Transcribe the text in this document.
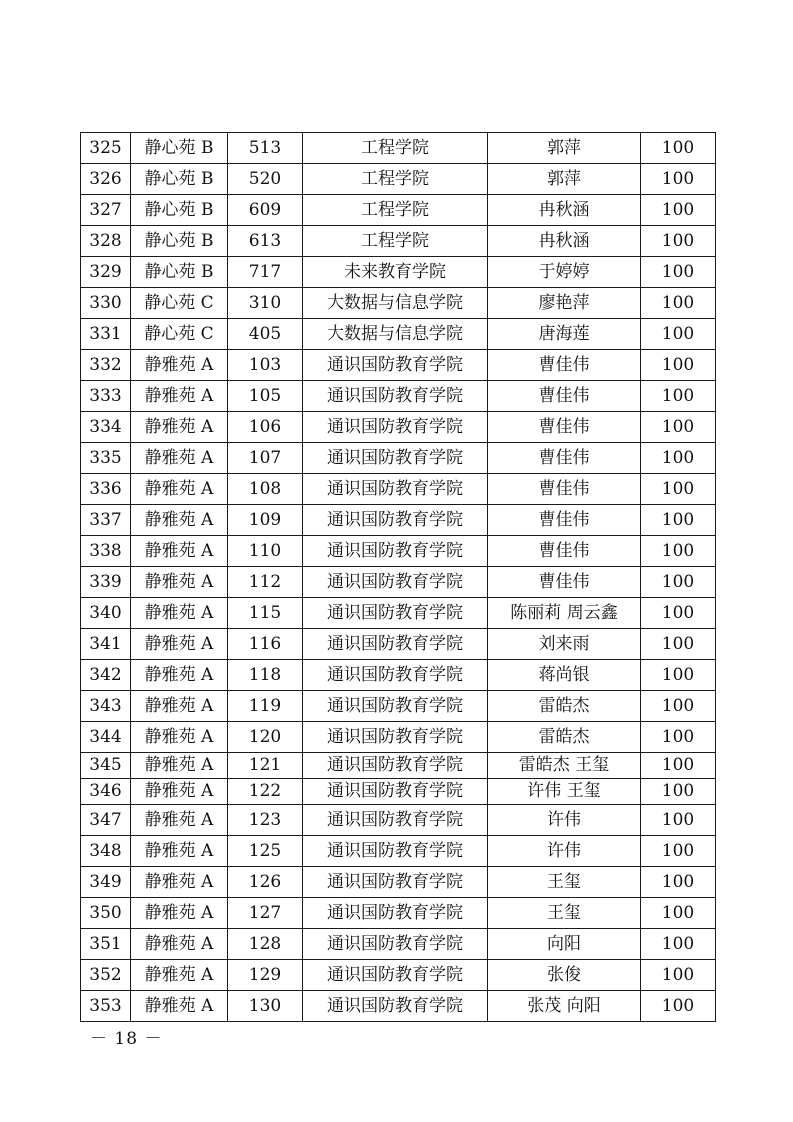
325	静心苑 B	513	工程学院	郭萍	100
326	静心苑 B	520	工程学院	郭萍	100
327	静心苑 B	609	工程学院	冉秋涵	100
328	静心苑 B	613	工程学院	冉秋涵	100
329	静心苑 B	717	未来教育学院	于婷婷	100
330	静心苑 C	310	大数据与信息学院	廖艳萍	100
331	静心苑 C	405	大数据与信息学院	唐海莲	100
332	静雅苑 A	103	通识国防教育学院	曹佳伟	100
333	静雅苑 A	105	通识国防教育学院	曹佳伟	100
334	静雅苑 A	106	通识国防教育学院	曹佳伟	100
335	静雅苑 A	107	通识国防教育学院	曹佳伟	100
336	静雅苑 A	108	通识国防教育学院	曹佳伟	100
337	静雅苑 A	109	通识国防教育学院	曹佳伟	100
338	静雅苑 A	110	通识国防教育学院	曹佳伟	100
339	静雅苑 A	112	通识国防教育学院	曹佳伟	100
340	静雅苑 A	115	通识国防教育学院	陈丽莉 周云鑫	100
341	静雅苑 A	116	通识国防教育学院	刘来雨	100
342	静雅苑 A	118	通识国防教育学院	蒋尚银	100
343	静雅苑 A	119	通识国防教育学院	雷皓杰	100
344	静雅苑 A	120	通识国防教育学院	雷皓杰	100
345	静雅苑 A	121	通识国防教育学院	雷皓杰 王玺	100
346	静雅苑 A	122	通识国防教育学院	许伟 王玺	100
347	静雅苑 A	123	通识国防教育学院	许伟	100
348	静雅苑 A	125	通识国防教育学院	许伟	100
349	静雅苑 A	126	通识国防教育学院	王玺	100
350	静雅苑 A	127	通识国防教育学院	王玺	100
351	静雅苑 A	128	通识国防教育学院	向阳	100
352	静雅苑 A	129	通识国防教育学院	张俊	100
353	静雅苑 A	130	通识国防教育学院	张茂 向阳	100
－ 18 －
